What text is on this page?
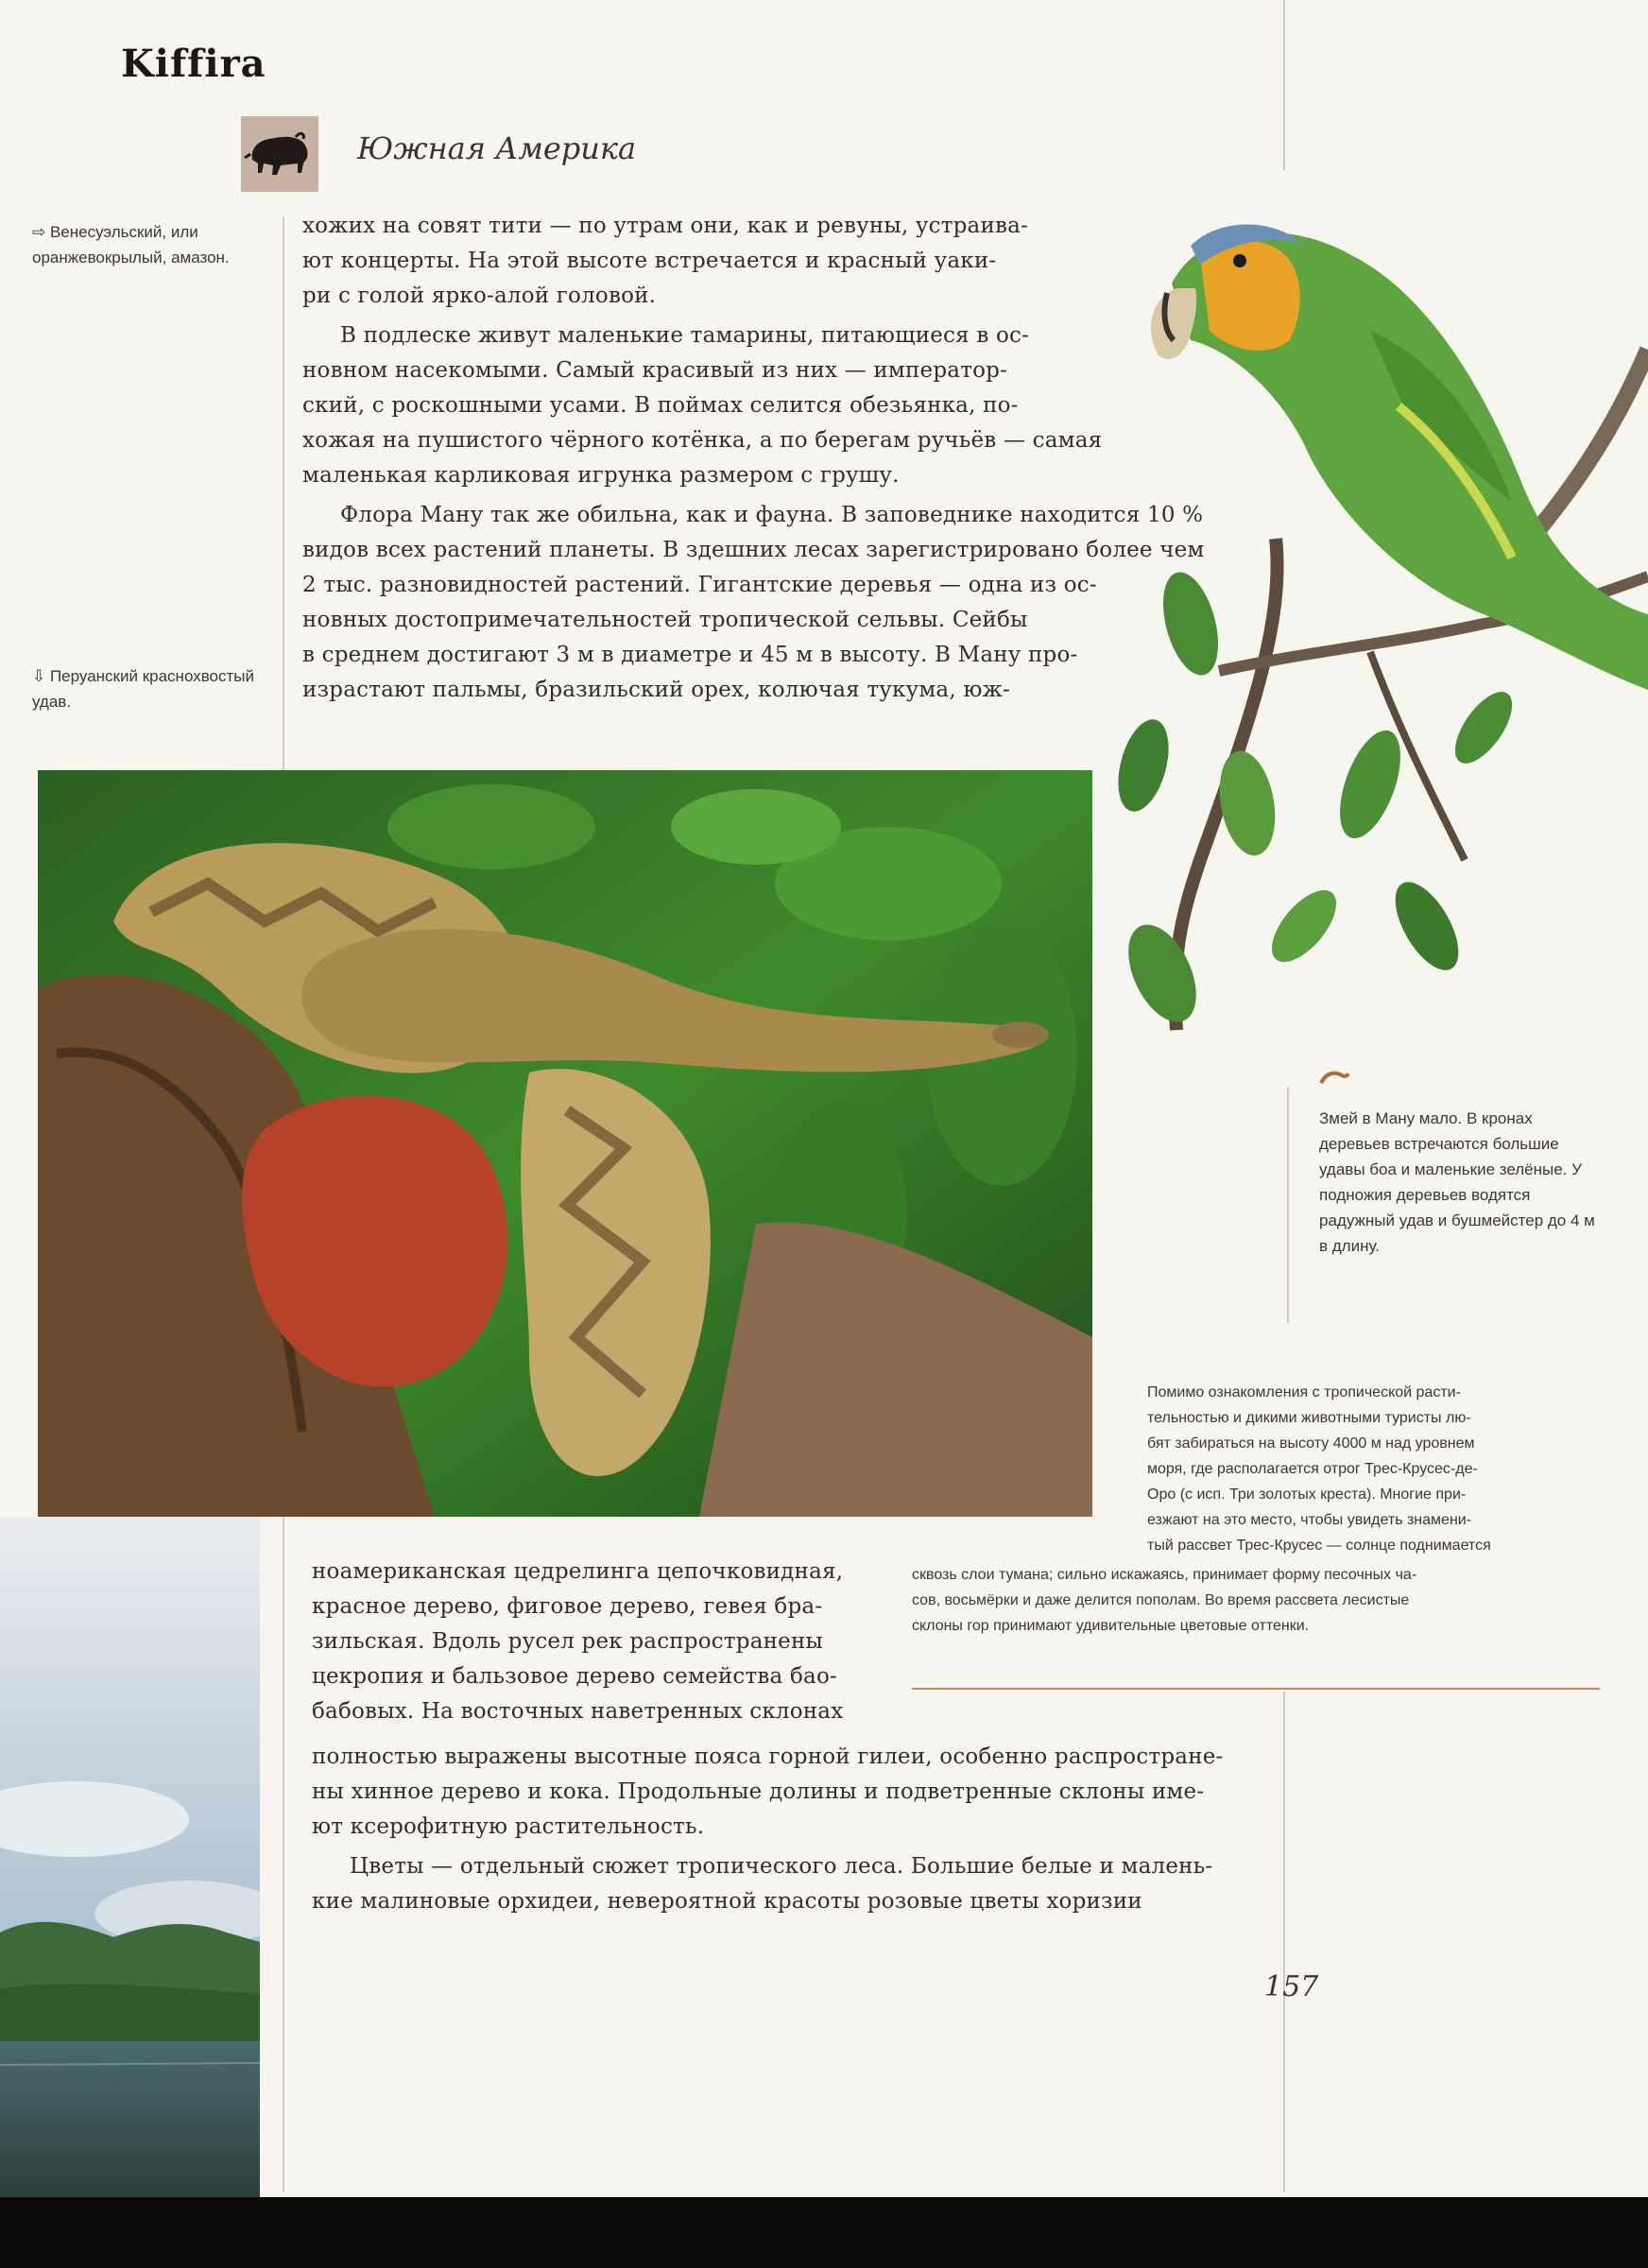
Kiffira
Южная Америка
⇨ Венесуэльский, или оранжевокрылый, амазон.
⇩ Перуанский краснохвостый удав.
хожих на совят тити — по утрам они, как и ревуны, устраива-
ют концерты. На этой высоте встречается и красный уаки-
ри с голой ярко-алой головой.
В подлеске живут маленькие тамарины, питающиеся в ос-
новном насекомыми. Самый красивый из них — император-
ский, с роскошными усами. В поймах селится обезьянка, по-
хожая на пушистого чёрного котёнка, а по берегам ручьёв — самая
маленькая карликовая игрунка размером с грушу.
Флора Ману так же обильна, как и фауна. В заповеднике находится 10 %
видов всех растений планеты. В здешних лесах зарегистрировано более чем
2 тыс. разновидностей растений. Гигантские деревья — одна из ос-
новных достопримечательностей тропической сельвы. Сейбы
в среднем достигают 3 м в диаметре и 45 м в высоту. В Ману про-
израстают пальмы, бразильский орех, колючая тукума, юж-
Змей в Ману мало. В кронах деревьев встречаются большие удавы боа и маленькие зелёные. У подножия деревьев водятся радужный удав и бушмейстер до 4 м в длину.
Помимо ознакомления с тропической расти-
тельностью и дикими животными туристы лю-
бят забираться на высоту 4000 м над уровнем
моря, где располагается отрог Трес-Крусес-де-
Оро (с исп. Три золотых креста). Многие при-
езжают на это место, чтобы увидеть знамени-
тый рассвет Трес-Крусес — солнце поднимается
сквозь слои тумана; сильно искажаясь, принимает форму песочных ча-
сов, восьмёрки и даже делится пополам. Во время рассвета лесистые
склоны гор принимают удивительные цветовые оттенки.
ноамериканская цедрелинга цепочковидная,
красное дерево, фиговое дерево, гевея бра-
зильская. Вдоль русел рек распространены
цекропия и бальзовое дерево семейства бао-
бабовых. На восточных наветренных склонах
полностью выражены высотные пояса горной гилеи, особенно распростране-
ны хинное дерево и кока. Продольные долины и подветренные склоны име-
ют ксерофитную растительность.
Цветы — отдельный сюжет тропического леса. Большие белые и малень-
кие малиновые орхидеи, невероятной красоты розовые цветы хоризии
157
